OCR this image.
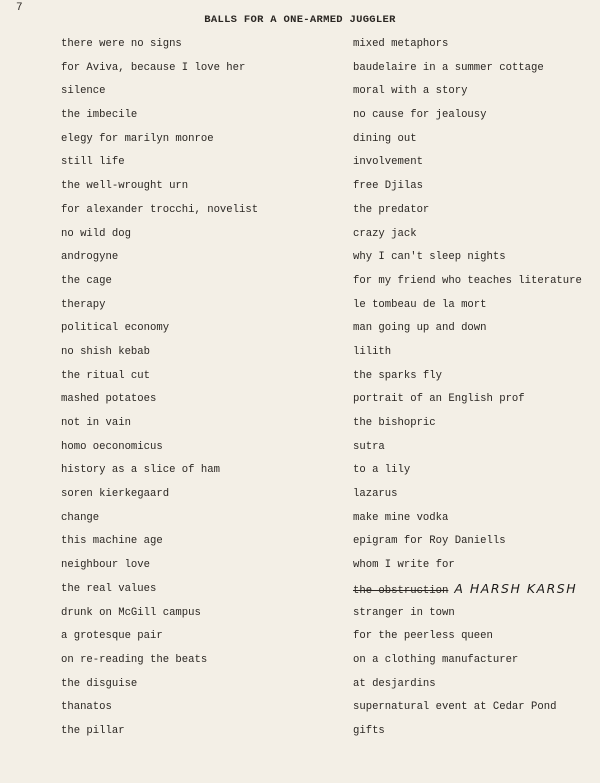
7
BALLS FOR A ONE-ARMED JUGGLER
there were no signs
for Aviva, because I love her
silence
the imbecile
elegy for marilyn monroe
still life
the well-wrought urn
for alexander trocchi, novelist
no wild dog
androgyne
the cage
therapy
political economy
no shish kebab
the ritual cut
mashed potatoes
not in vain
homo oeconomicus
history as a slice of ham
soren kierkegaard
change
this machine age
neighbour love
the real values
drunk on McGill campus
a grotesque pair
on re-reading the beats
the disguise
thanatos
the pillar
mixed metaphors
baudelaire in a summer cottage
moral with a story
no cause for jealousy
dining out
involvement
free Djilas
the predator
crazy jack
why I can't sleep nights
for my friend who teaches literature
le tombeau de la mort
man going up and down
lilith
the sparks fly
portrait of an English prof
the bishopric
sutra
to a lily
lazarus
make mine vodka
epigram for Roy Daniells
whom I write for
the obstruction A HARSH KARSH
stranger in town
for the peerless queen
on a clothing manufacturer
at desjardins
supernatural event at Cedar Pond
gifts
